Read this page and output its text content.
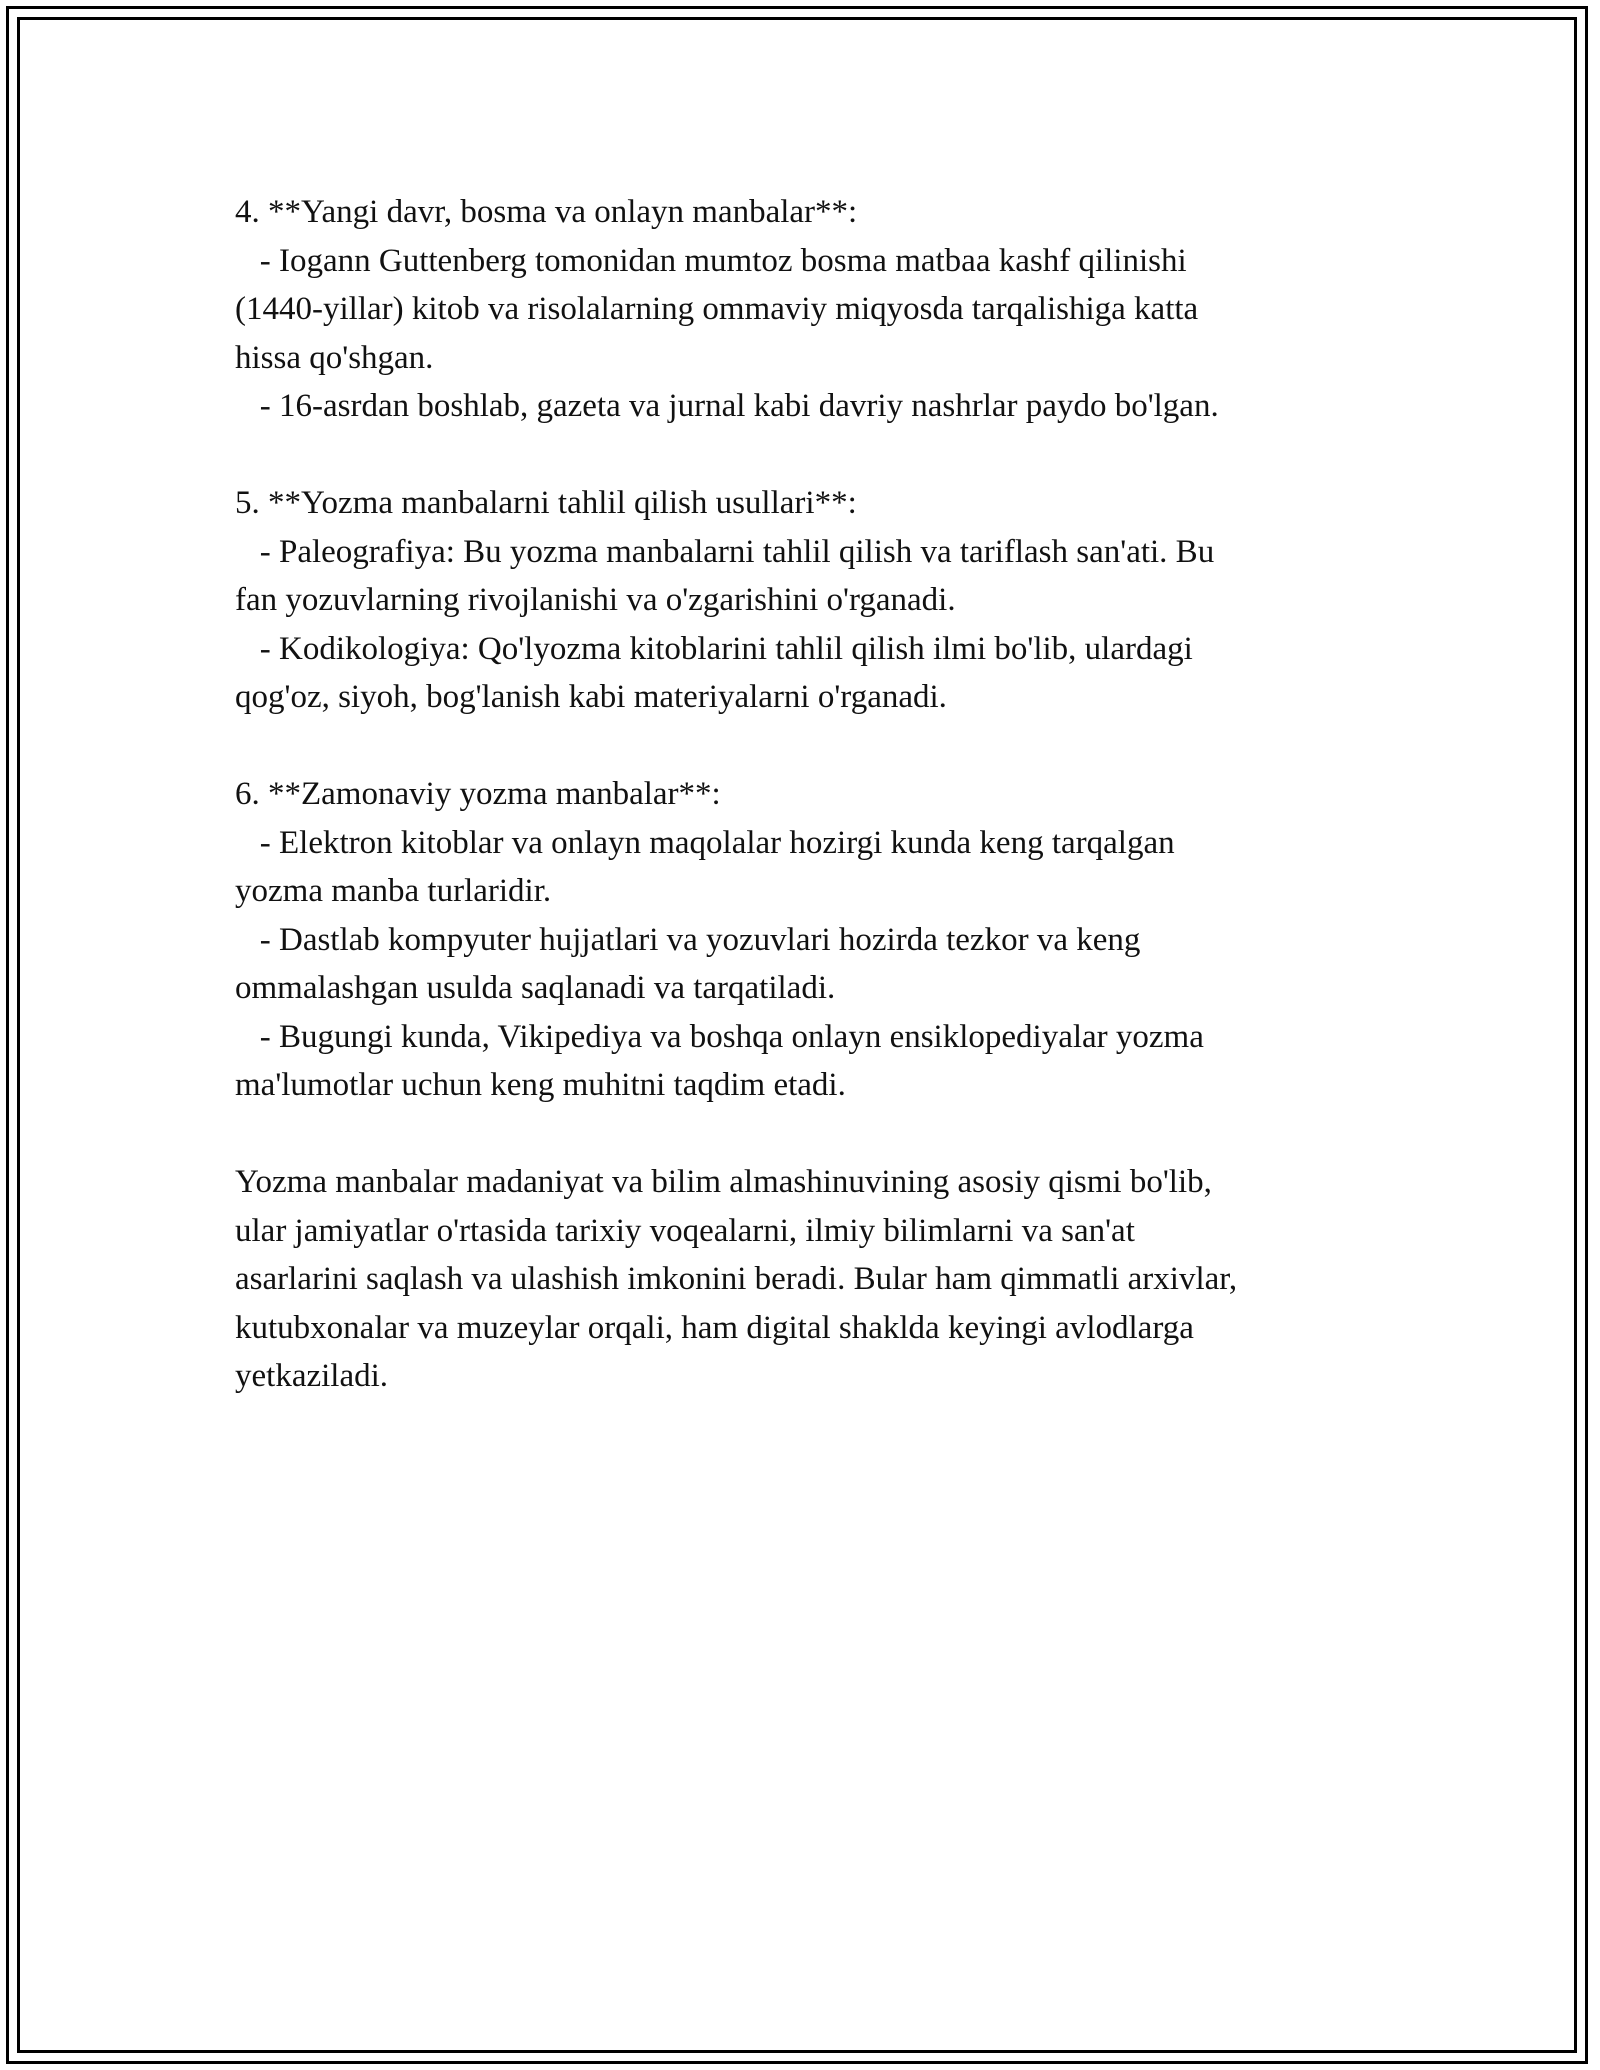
4. **Yangi davr, bosma va onlayn manbalar**:
- Iogann Guttenberg tomonidan mumtoz bosma matbaa kashf qilinishi
(1440-yillar) kitob va risolalarning ommaviy miqyosda tarqalishiga katta
hissa qo'shgan.
- 16-asrdan boshlab, gazeta va jurnal kabi davriy nashrlar paydo bo'lgan.
5. **Yozma manbalarni tahlil qilish usullari**:
- Paleografiya: Bu yozma manbalarni tahlil qilish va tariflash san'ati. Bu
fan yozuvlarning rivojlanishi va o'zgarishini o'rganadi.
- Kodikologiya: Qo'lyozma kitoblarini tahlil qilish ilmi bo'lib, ulardagi
qog'oz, siyoh, bog'lanish kabi materiyalarni o'rganadi.
6. **Zamonaviy yozma manbalar**:
- Elektron kitoblar va onlayn maqolalar hozirgi kunda keng tarqalgan
yozma manba turlaridir.
- Dastlab kompyuter hujjatlari va yozuvlari hozirda tezkor va keng
ommalashgan usulda saqlanadi va tarqatiladi.
- Bugungi kunda, Vikipediya va boshqa onlayn ensiklopediyalar yozma
ma'lumotlar uchun keng muhitni taqdim etadi.
Yozma manbalar madaniyat va bilim almashinuvining asosiy qismi bo'lib,
ular jamiyatlar o'rtasida tarixiy voqealarni, ilmiy bilimlarni va san'at
asarlarini saqlash va ulashish imkonini beradi. Bular ham qimmatli arxivlar,
kutubxonalar va muzeylar orqali, ham digital shaklda keyingi avlodlarga
yetkaziladi.
